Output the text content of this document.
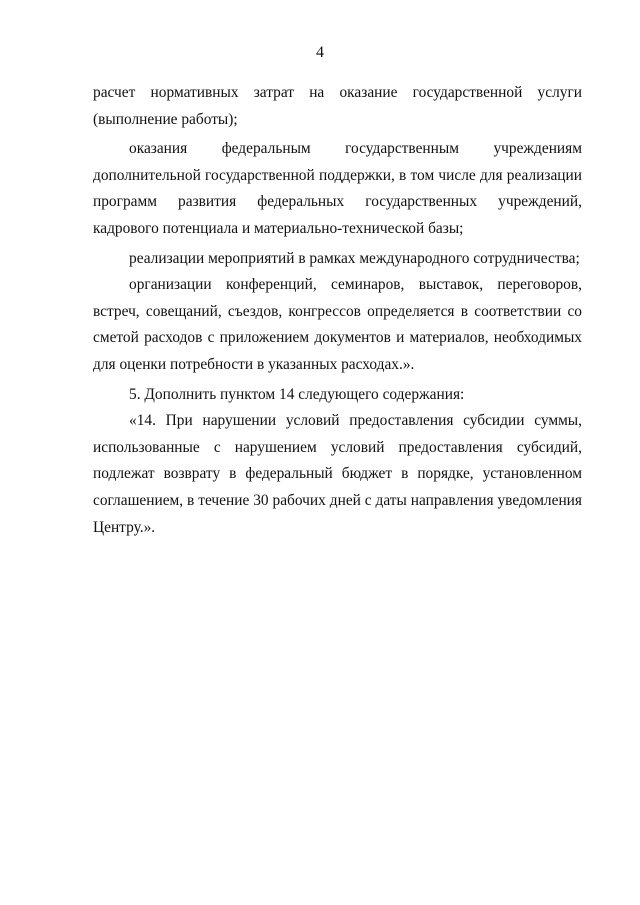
4

расчет нормативных затрат на оказание государственной услуги (выполнение работы);

оказания федеральным государственным учреждениям дополнительной государственной поддержки, в том числе для реализации программ развития федеральных государственных учреждений, кадрового потенциала и материально-технической базы;

реализации мероприятий в рамках международного сотрудничества;

организации конференций, семинаров, выставок, переговоров, встреч, совещаний, съездов, конгрессов определяется в соответствии со сметой расходов с приложением документов и материалов, необходимых для оценки потребности в указанных расходах.».

5. Дополнить пунктом 14 следующего содержания:

«14. При нарушении условий предоставления субсидии суммы, использованные с нарушением условий предоставления субсидий, подлежат возврату в федеральный бюджет в порядке, установленном соглашением, в течение 30 рабочих дней с даты направления уведомления Центру.».
